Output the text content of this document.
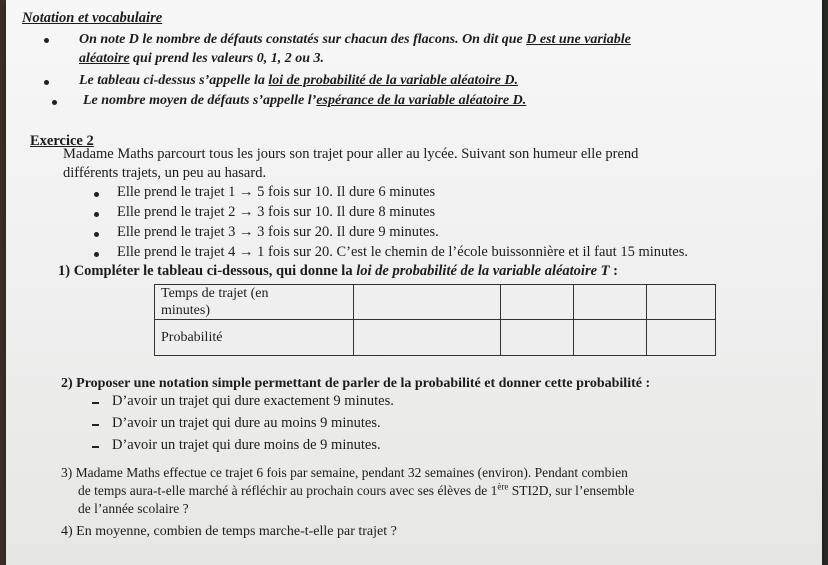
Notation et vocabulaire
On note D le nombre de défauts constatés sur chacun des flacons. On dit que D est une variable
aléatoire qui prend les valeurs 0, 1, 2 ou 3.
Le tableau ci-dessus s’appelle la loi de probabilité de la variable aléatoire D.
Le nombre moyen de défauts s’appelle l’espérance de la variable aléatoire D.
Exercice 2
Madame Maths parcourt tous les jours son trajet pour aller au lycée. Suivant son humeur elle prend
différents trajets, un peu au hasard.
Elle prend le trajet 1 → 5 fois sur 10. Il dure 6 minutes
Elle prend le trajet 2 → 3 fois sur 10. Il dure 8 minutes
Elle prend le trajet 3 → 3 fois sur 20. Il dure 9 minutes.
Elle prend le trajet 4 → 1 fois sur 20. C’est le chemin de l’école buissonnière et il faut 15 minutes.
1) Compléter le tableau ci-dessous, qui donne la loi de probabilité de la variable aléatoire T :
Temps de trajet (en
minutes)				

Probabilité				
2) Proposer une notation simple permettant de parler de la probabilité et donner cette probabilité :
D’avoir un trajet qui dure exactement 9 minutes.
D’avoir un trajet qui dure au moins 9 minutes.
D’avoir un trajet qui dure moins de 9 minutes.
3) Madame Maths effectue ce trajet 6 fois par semaine, pendant 32 semaines (environ). Pendant combien
de temps aura-t-elle marché à réfléchir au prochain cours avec ses élèves de 1ère STI2D, sur l’ensemble
de l’année scolaire ?
4) En moyenne, combien de temps marche-t-elle par trajet ?
